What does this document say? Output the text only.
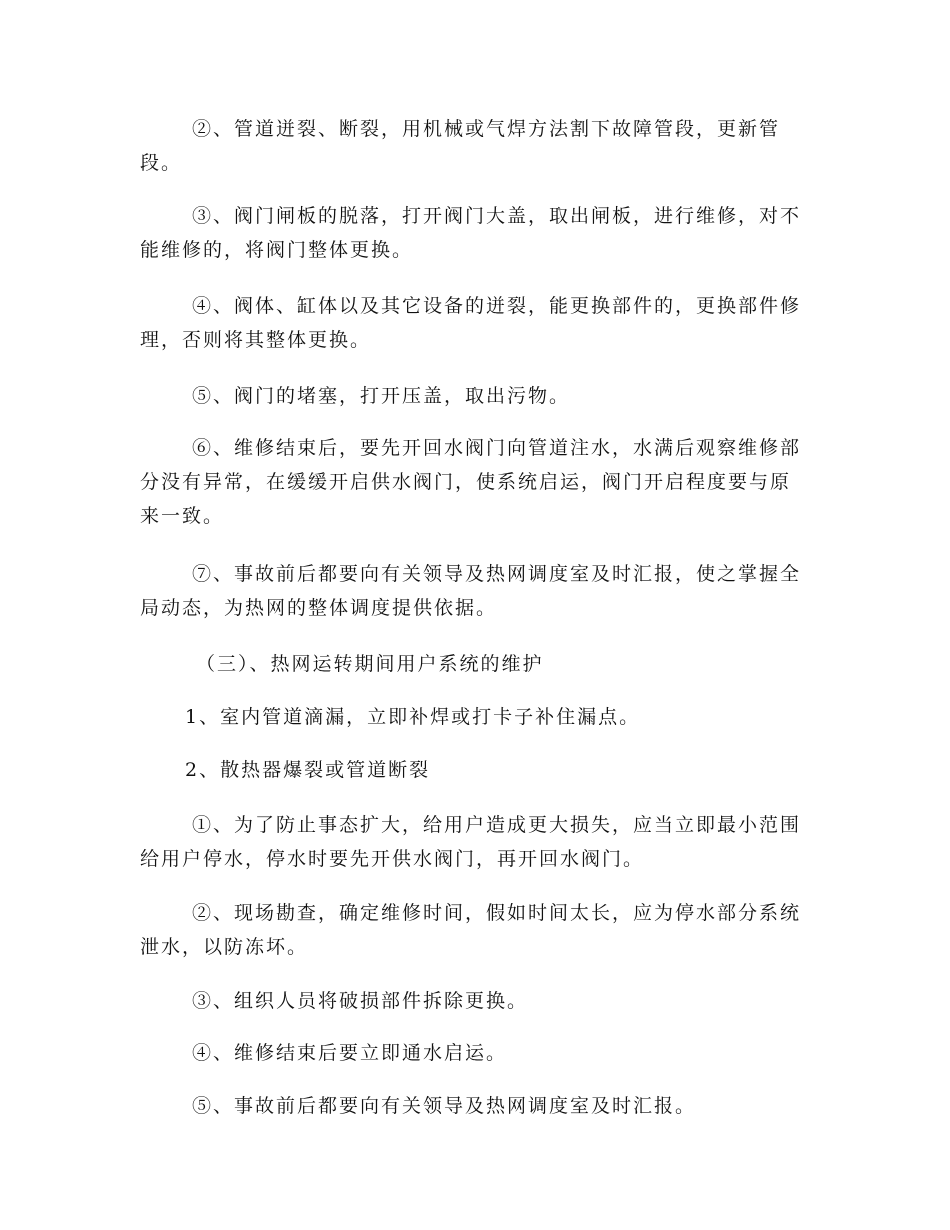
②、管道迸裂、断裂，用机械或气焊方法割下故障管段，更新管段。

③、阀门闸板的脱落，打开阀门大盖，取出闸板，进行维修，对不能维修的，将阀门整体更换。

④、阀体、缸体以及其它设备的迸裂，能更换部件的，更换部件修理，否则将其整体更换。

⑤、阀门的堵塞，打开压盖，取出污物。

⑥、维修结束后，要先开回水阀门向管道注水，水满后观察维修部分没有异常，在缓缓开启供水阀门，使系统启运，阀门开启程度要与原来一致。

⑦、事故前后都要向有关领导及热网调度室及时汇报，使之掌握全局动态，为热网的整体调度提供依据。

（三）、热网运转期间用户系统的维护

1、室内管道滴漏，立即补焊或打卡子补住漏点。

2、散热器爆裂或管道断裂

①、为了防止事态扩大，给用户造成更大损失，应当立即最小范围给用户停水，停水时要先开供水阀门，再开回水阀门。

②、现场勘查，确定维修时间，假如时间太长，应为停水部分系统泄水，以防冻坏。

③、组织人员将破损部件拆除更换。

④、维修结束后要立即通水启运。

⑤、事故前后都要向有关领导及热网调度室及时汇报。
